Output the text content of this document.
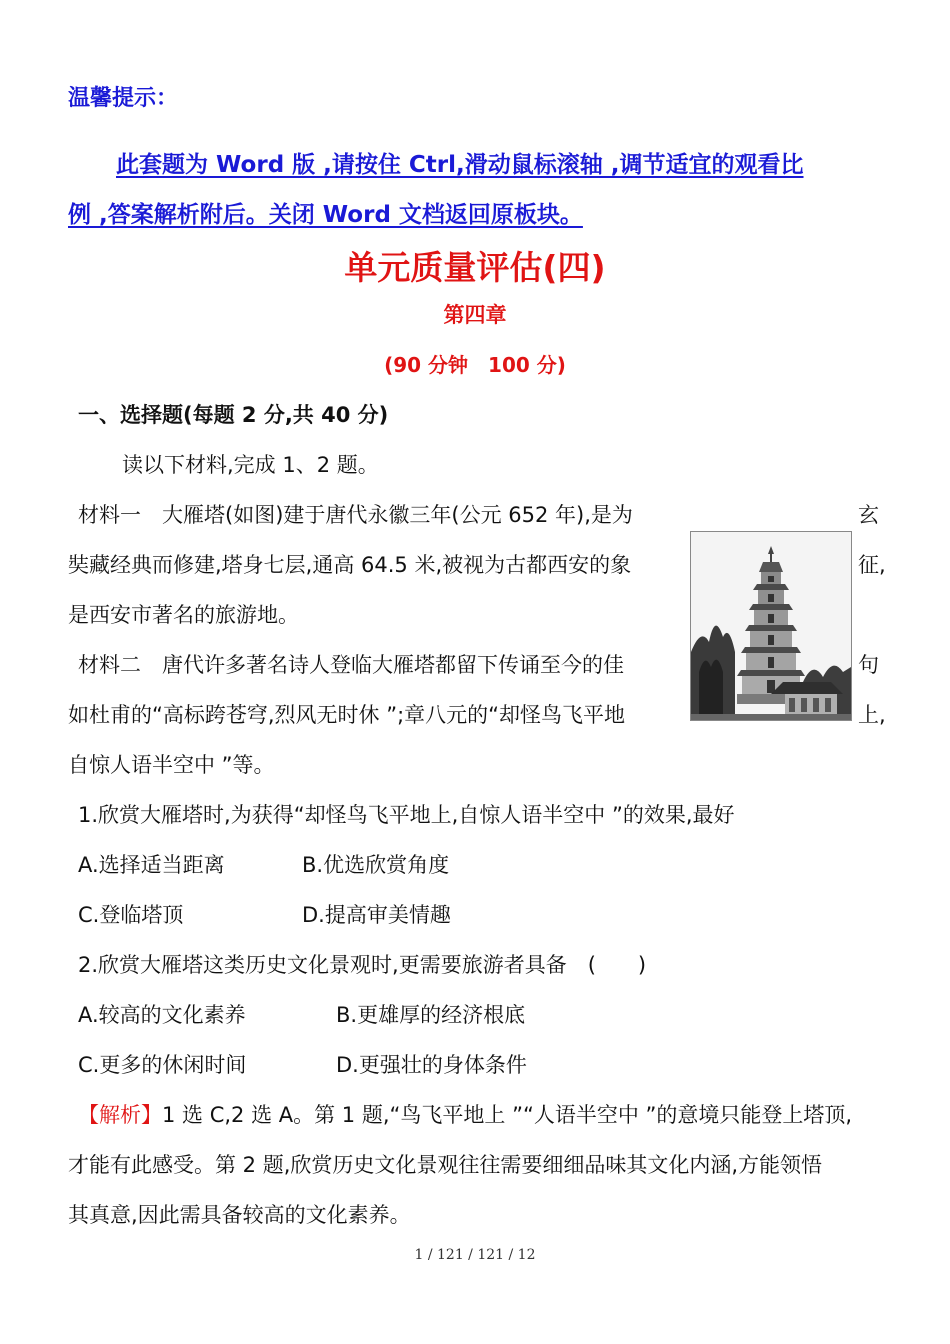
温馨提示：
此套题为 Word 版 ,请按住 Ctrl,滑动鼠标滚轴 ,调节适宜的观看比
例 ,答案解析附后。关闭 Word 文档返回原板块。
单元质量评估(四)
第四章
(90 分钟　100 分)
一、选择题(每题 2 分,共 40 分)
读以下材料,完成 1、2 题。
材料一　大雁塔(如图)建于唐代永徽三年(公元 652 年),是为	玄
奘藏经典而修建,塔身七层,通高 64.5 米,被视为古都西安的象	征,
是西安市著名的旅游地。
材料二　唐代许多著名诗人登临大雁塔都留下传诵至今的佳	句
如杜甫的“高标跨苍穹,烈风无时休 ”;章八元的“却怪鸟飞平地	上,
自惊人语半空中 ”等。
1.欣赏大雁塔时,为获得“却怪鸟飞平地上,自惊人语半空中 ”的效果,最好
A.选择适当距离	B.优选欣赏角度
C.登临塔顶	D.提高审美情趣
2.欣赏大雁塔这类历史文化景观时,更需要旅游者具备　(　　)
A.较高的文化素养	B.更雄厚的经济根底
C.更多的休闲时间	D.更强壮的身体条件
【解析】1 选 C,2 选 A。第 1 题,“鸟飞平地上 ”“人语半空中 ”的意境只能登上塔顶,
才能有此感受。第 2 题,欣赏历史文化景观往往需要细细品味其文化内涵,方能领悟
其真意,因此需具备较高的文化素养。
1 / 121 / 121 / 12
